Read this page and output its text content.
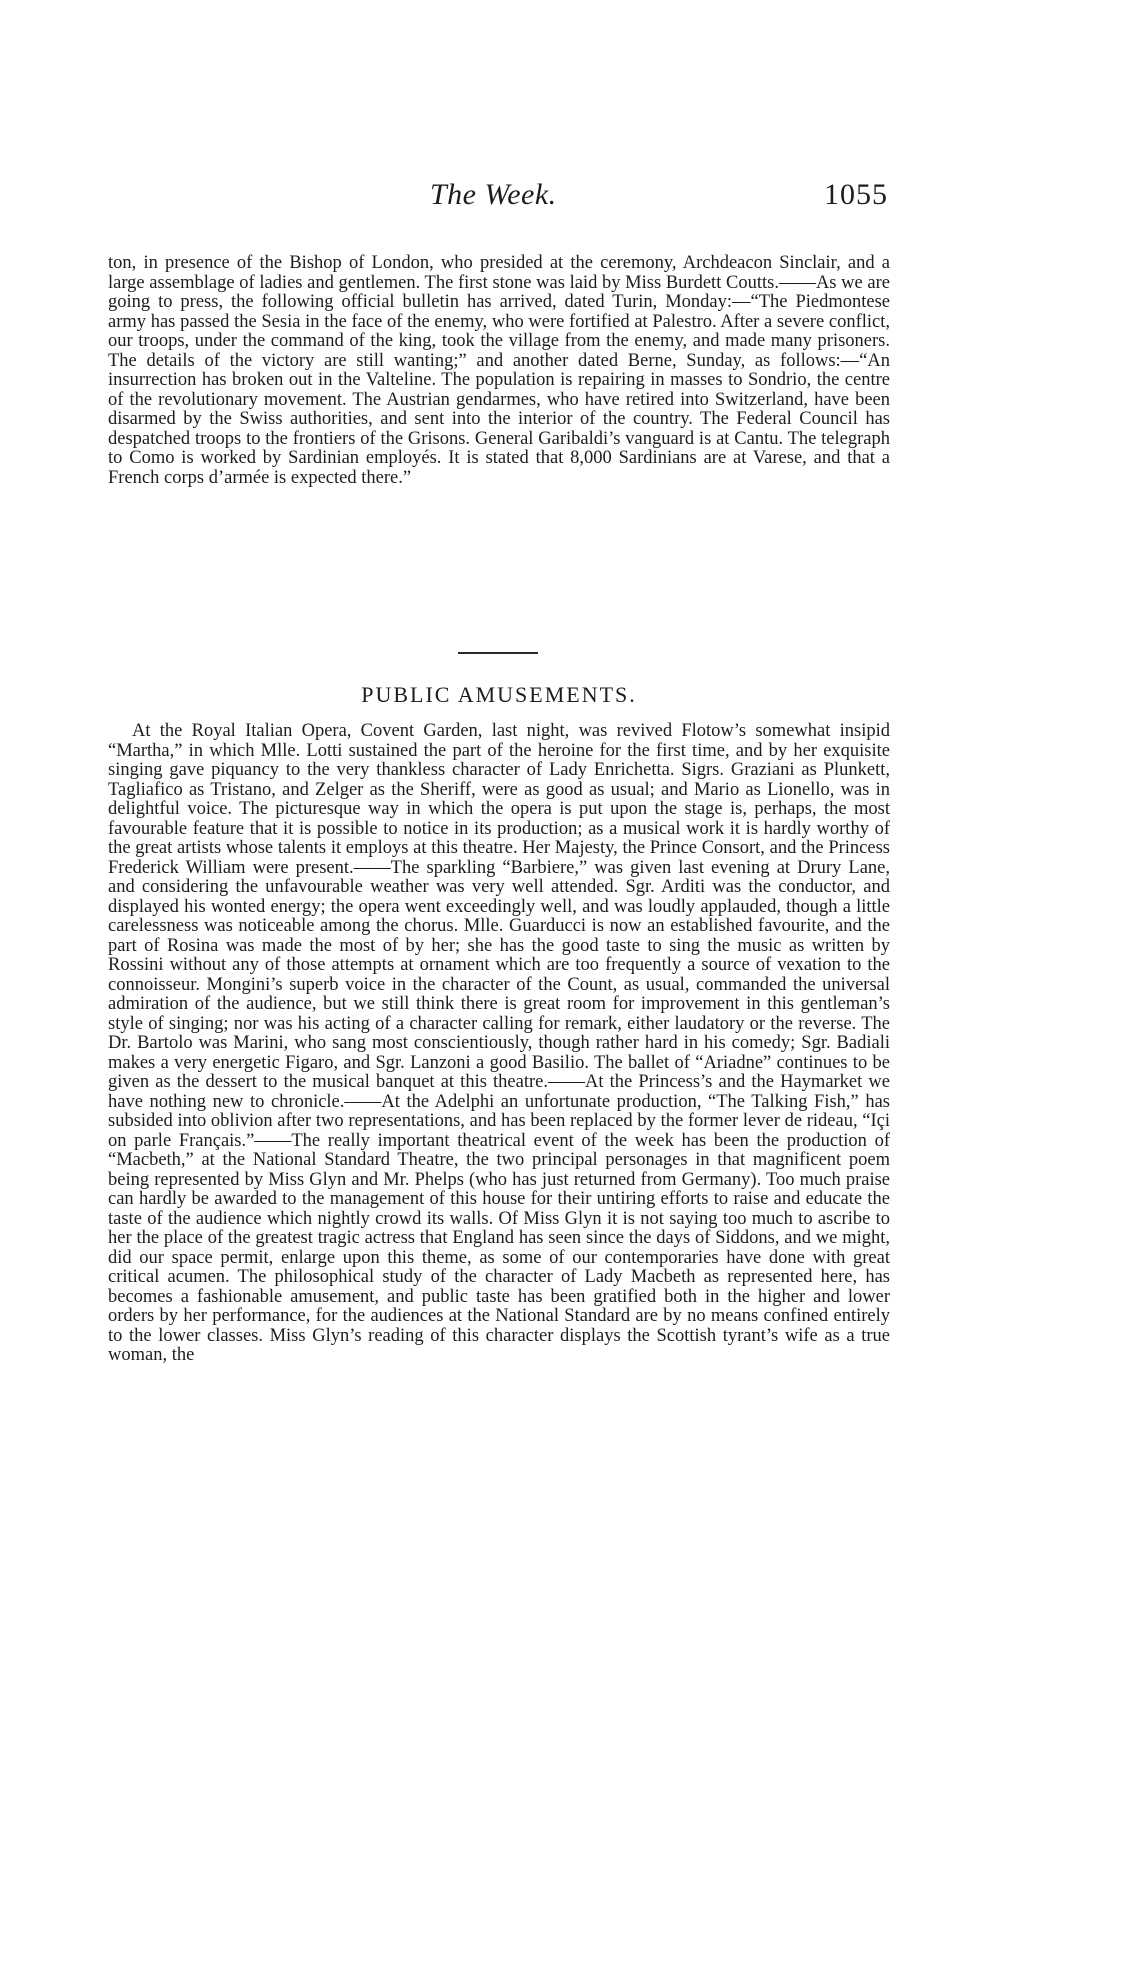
The Week.	1055

ton, in presence of the Bishop of London, who presided at the ceremony, Archdeacon Sinclair, and a large assemblage of ladies and gentlemen. The first stone was laid by Miss Burdett Coutts.——As we are going to press, the following official bulletin has arrived, dated Turin, Monday:—“The Piedmontese army has passed the Sesia in the face of the enemy, who were fortified at Palestro. After a severe conflict, our troops, under the command of the king, took the village from the enemy, and made many prisoners. The details of the victory are still wanting;” and another dated Berne, Sunday, as follows:—“An insurrection has broken out in the Valteline. The population is repairing in masses to Sondrio, the centre of the revolutionary movement. The Austrian gendarmes, who have retired into Switzerland, have been disarmed by the Swiss authorities, and sent into the interior of the country. The Federal Council has despatched troops to the frontiers of the Grisons. General Garibaldi’s vanguard is at Cantu. The telegraph to Como is worked by Sardinian employés. It is stated that 8,000 Sardinians are at Varese, and that a French corps d’armée is expected there.”

PUBLIC AMUSEMENTS.

At the Royal Italian Opera, Covent Garden, last night, was revived Flotow’s somewhat insipid “Martha,” in which Mlle. Lotti sustained the part of the heroine for the first time, and by her exquisite singing gave piquancy to the very thankless character of Lady Enrichetta. Sigrs. Graziani as Plunkett, Tagliafico as Tristano, and Zelger as the Sheriff, were as good as usual; and Mario as Lionello, was in delightful voice. The picturesque way in which the opera is put upon the stage is, perhaps, the most favourable feature that it is possible to notice in its production; as a musical work it is hardly worthy of the great artists whose talents it employs at this theatre. Her Majesty, the Prince Consort, and the Princess Frederick William were present.——The sparkling “Barbiere,” was given last evening at Drury Lane, and considering the unfavourable weather was very well attended. Sgr. Arditi was the conductor, and displayed his wonted energy; the opera went exceedingly well, and was loudly applauded, though a little carelessness was noticeable among the chorus. Mlle. Guarducci is now an established favourite, and the part of Rosina was made the most of by her; she has the good taste to sing the music as written by Rossini without any of those attempts at ornament which are too frequently a source of vexation to the connoisseur. Mongini’s superb voice in the character of the Count, as usual, commanded the universal admiration of the audience, but we still think there is great room for improvement in this gentleman’s style of singing; nor was his acting of a character calling for remark, either laudatory or the reverse. The Dr. Bartolo was Marini, who sang most conscientiously, though rather hard in his comedy; Sgr. Badiali makes a very energetic Figaro, and Sgr. Lanzoni a good Basilio. The ballet of “Ariadne” continues to be given as the dessert to the musical banquet at this theatre.——At the Princess’s and the Haymarket we have nothing new to chronicle.——At the Adelphi an unfortunate production, “The Talking Fish,” has subsided into oblivion after two representations, and has been replaced by the former lever de rideau, “Içi on parle Français.”——The really important theatrical event of the week has been the production of “Macbeth,” at the National Standard Theatre, the two principal personages in that magnificent poem being represented by Miss Glyn and Mr. Phelps (who has just returned from Germany). Too much praise can hardly be awarded to the management of this house for their untiring efforts to raise and educate the taste of the audience which nightly crowd its walls. Of Miss Glyn it is not saying too much to ascribe to her the place of the greatest tragic actress that England has seen since the days of Siddons, and we might, did our space permit, enlarge upon this theme, as some of our contemporaries have done with great critical acumen. The philosophical study of the character of Lady Macbeth as represented here, has becomes a fashionable amusement, and public taste has been gratified both in the higher and lower orders by her performance, for the audiences at the National Standard are by no means confined entirely to the lower classes. Miss Glyn’s reading of this character displays the Scottish tyrant’s wife as a true woman, the
